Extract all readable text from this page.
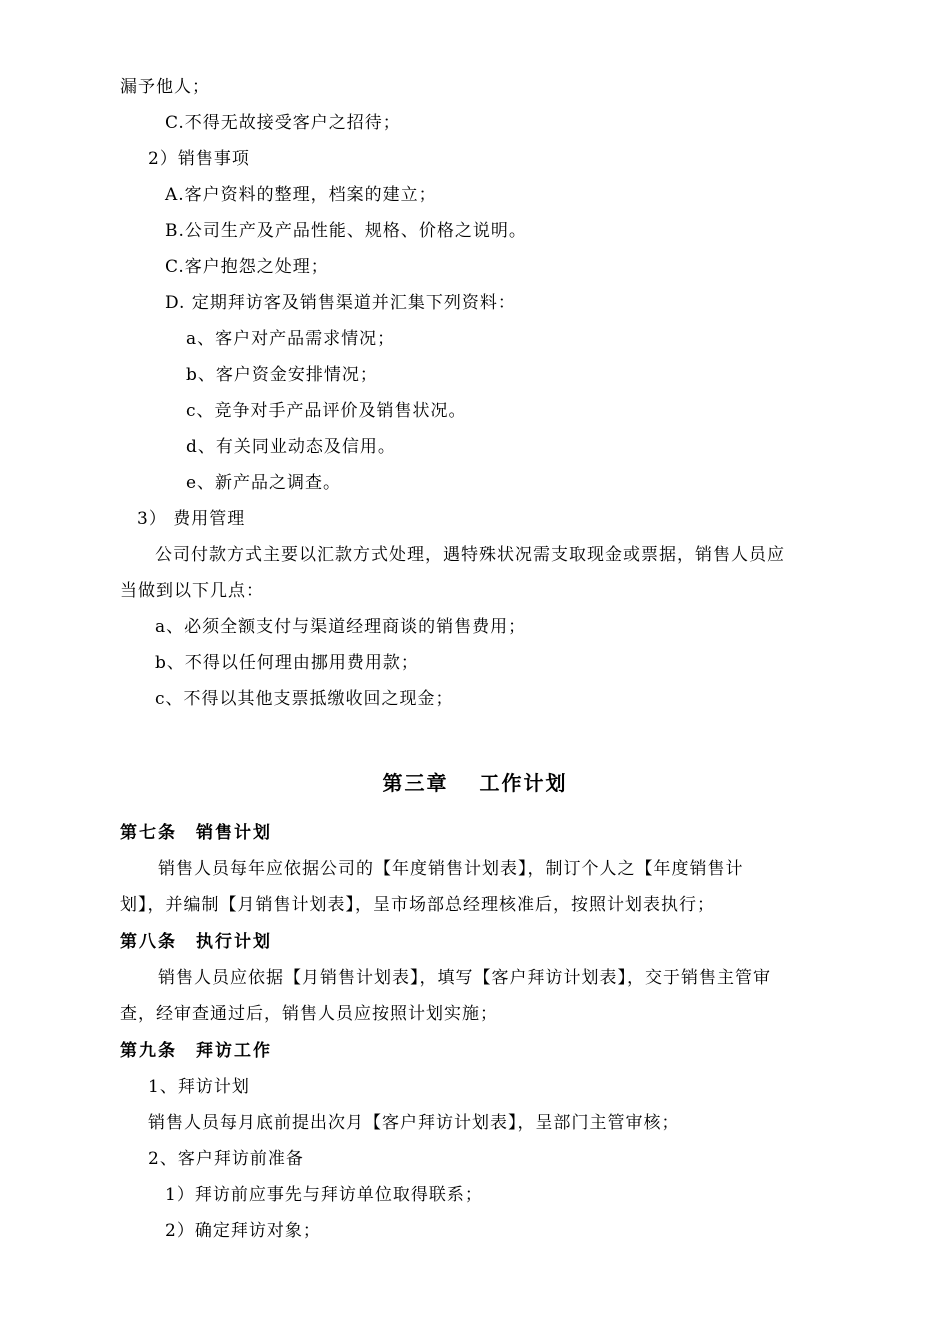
漏予他人；
C.不得无故接受客户之招待；
2）销售事项
A.客户资料的整理，档案的建立；
B.公司生产及产品性能、规格、价格之说明。
C.客户抱怨之处理；
D. 定期拜访客及销售渠道并汇集下列资料：
a、客户对产品需求情况；
b、客户资金安排情况；
c、竞争对手产品评价及销售状况。
d、有关同业动态及信用。
e、新产品之调查。
3） 费用管理
公司付款方式主要以汇款方式处理，遇特殊状况需支取现金或票据，销售人员应
当做到以下几点：
a、必须全额支付与渠道经理商谈的销售费用；
b、不得以任何理由挪用费用款；
c、不得以其他支票抵缴收回之现金；
第三章　 工作计划
第七条　销售计划
销售人员每年应依据公司的【年度销售计划表】，制订个人之【年度销售计
划】，并编制【月销售计划表】，呈市场部总经理核准后，按照计划表执行；
第八条　执行计划
销售人员应依据【月销售计划表】，填写【客户拜访计划表】，交于销售主管审
查，经审查通过后，销售人员应按照计划实施；
第九条　拜访工作
1、拜访计划
销售人员每月底前提出次月【客户拜访计划表】，呈部门主管审核；
2、客户拜访前准备
1）拜访前应事先与拜访单位取得联系；
2）确定拜访对象；
